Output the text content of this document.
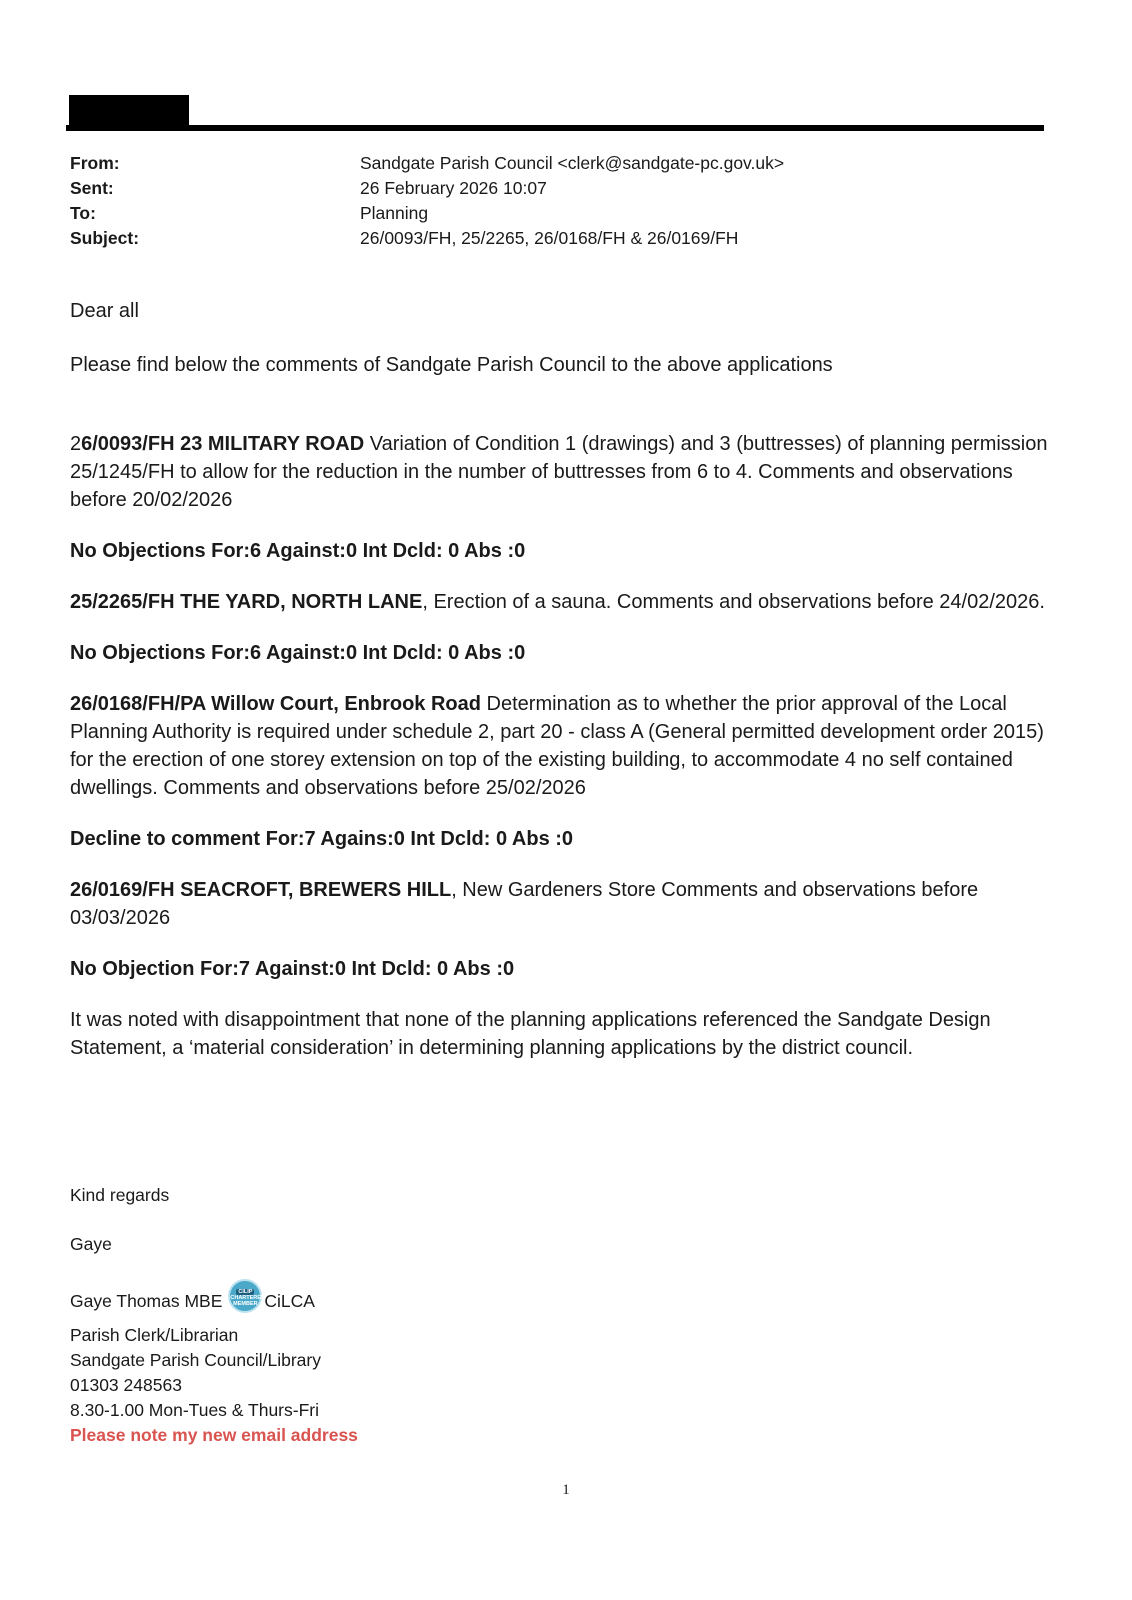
From:	Sandgate Parish Council <clerk@sandgate-pc.gov.uk>
Sent:	26 February 2026 10:07
To:	Planning
Subject:	26/0093/FH, 25/2265, 26/0168/FH & 26/0169/FH

Dear all

Please find below the comments of Sandgate Parish Council to the above applications

26/0093/FH 23 MILITARY ROAD Variation of Condition 1 (drawings) and 3 (buttresses) of planning permission 25/1245/FH to allow for the reduction in the number of buttresses from 6 to 4. Comments and observations before 20/02/2026

No Objections For:6 Against:0 Int Dcld: 0 Abs :0

25/2265/FH THE YARD, NORTH LANE, Erection of a sauna. Comments and observations before 24/02/2026.

No Objections For:6 Against:0 Int Dcld: 0 Abs :0

26/0168/FH/PA Willow Court, Enbrook Road Determination as to whether the prior approval of the Local Planning Authority is required under schedule 2, part 20 - class A (General permitted development order 2015) for the erection of one storey extension on top of the existing building, to accommodate 4 no self contained dwellings. Comments and observations before 25/02/2026

Decline to comment For:7 Agains:0 Int Dcld: 0 Abs :0

26/0169/FH SEACROFT, BREWERS HILL, New Gardeners Store Comments and observations before 03/03/2026

No Objection For:7 Against:0 Int Dcld: 0 Abs :0

It was noted with disappointment that none of the planning applications referenced the Sandgate Design Statement, a ‘material consideration’ in determining planning applications by the district council.

Kind regards

Gaye

Gaye Thomas MBE	CILIP
CHARTERED MEMBER CiLCA

Parish Clerk/Librarian

Sandgate Parish Council/Library

01303 248563

8.30-1.00 Mon-Tues & Thurs-Fri

Please note my new email address

1
